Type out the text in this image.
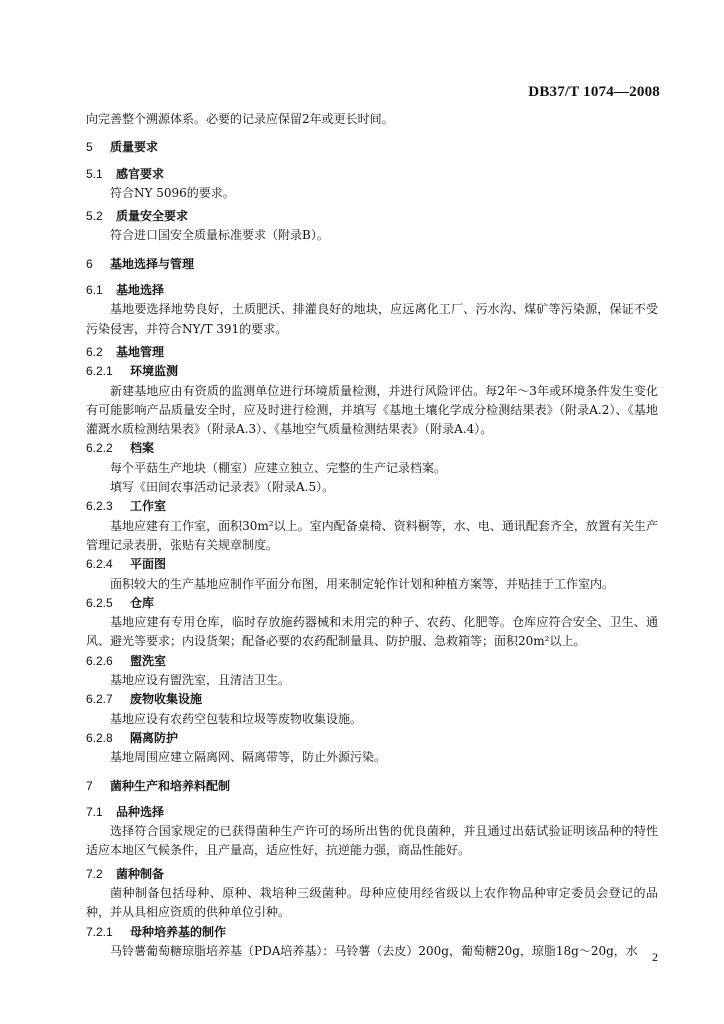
DB37/T 1074—2008
向完善整个溯源体系。必要的记录应保留2年或更长时间。
5 质量要求
5.1 感官要求
符合NY 5096的要求。
5.2 质量安全要求
符合进口国安全质量标准要求（附录B）。
6 基地选择与管理
6.1 基地选择
基地要选择地势良好，土质肥沃、排灌良好的地块，应远离化工厂、污水沟、煤矿等污染源，保证不受污染侵害，并符合NY/T 391的要求。
6.2 基地管理
6.2.1 环境监测
新建基地应由有资质的监测单位进行环境质量检测，并进行风险评估。每2年～3年或环境条件发生变化有可能影响产品质量安全时，应及时进行检测，并填写《基地土壤化学成分检测结果表》（附录A.2）、《基地灌溉水质检测结果表》（附录A.3）、《基地空气质量检测结果表》（附录A.4）。
6.2.2 档案
每个平菇生产地块（棚室）应建立独立、完整的生产记录档案。
填写《田间农事活动记录表》（附录A.5）。
6.2.3 工作室
基地应建有工作室，面积30m²以上。室内配备桌椅、资料橱等，水、电、通讯配套齐全，放置有关生产管理记录表册，张贴有关规章制度。
6.2.4 平面图
面积较大的生产基地应制作平面分布图，用来制定轮作计划和种植方案等，并贴挂于工作室内。
6.2.5 仓库
基地应建有专用仓库，临时存放施药器械和未用完的种子、农药、化肥等。仓库应符合安全、卫生、通风、避光等要求；内设货架；配备必要的农药配制量具、防护服、急救箱等；面积20m²以上。
6.2.6 盥洗室
基地应设有盥洗室，且清洁卫生。
6.2.7 废物收集设施
基地应设有农药空包装和垃圾等废物收集设施。
6.2.8 隔离防护
基地周围应建立隔离网、隔离带等，防止外源污染。
7 菌种生产和培养料配制
7.1 品种选择
选择符合国家规定的已获得菌种生产许可的场所出售的优良菌种，并且通过出菇试验证明该品种的特性适应本地区气候条件，且产量高，适应性好，抗逆能力强，商品性能好。
7.2 菌种制备
菌种制备包括母种、原种、栽培种三级菌种。母种应使用经省级以上农作物品种审定委员会登记的品种，并从具相应资质的供种单位引种。
7.2.1 母种培养基的制作
马铃薯葡萄糖琼脂培养基（PDA培养基）：马铃薯（去皮）200g，葡萄糖20g，琼脂18g～20g，水	2
